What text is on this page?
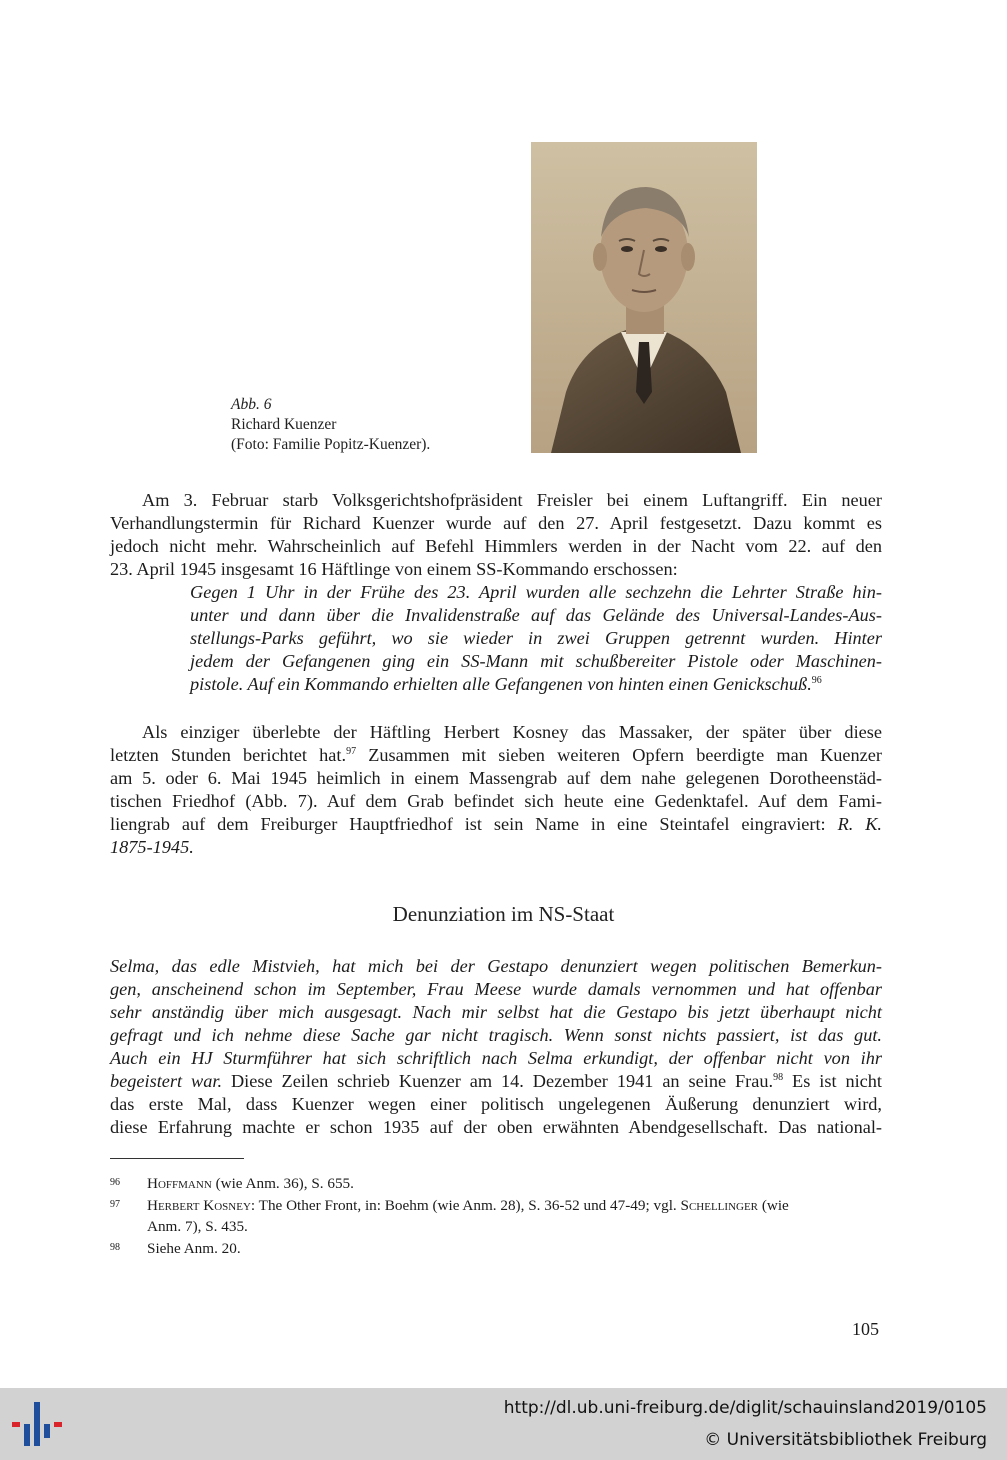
Abb. 6
Richard Kuenzer
(Foto: Familie Popitz-Kuenzer).
Am 3. Februar starb Volksgerichtshofpräsident Freisler bei einem Luftangriff. Ein neuer
Verhandlungstermin für Richard Kuenzer wurde auf den 27. April festgesetzt. Dazu kommt es
jedoch nicht mehr. Wahrscheinlich auf Befehl Himmlers werden in der Nacht vom 22. auf den
23. April 1945 insgesamt 16 Häftlinge von einem SS-Kommando erschossen:
Gegen 1 Uhr in der Frühe des 23. April wurden alle sechzehn die Lehrter Straße hin-
unter und dann über die Invalidenstraße auf das Gelände des Universal-Landes-Aus-
stellungs-Parks geführt, wo sie wieder in zwei Gruppen getrennt wurden. Hinter
jedem der Gefangenen ging ein SS-Mann mit schußbereiter Pistole oder Maschinen-
pistole. Auf ein Kommando erhielten alle Gefangenen von hinten einen Genickschuß.$^{96}$
Als einziger überlebte der Häftling Herbert Kosney das Massaker, der später über diese
letzten Stunden berichtet hat.$^{97}$ Zusammen mit sieben weiteren Opfern beerdigte man Kuenzer
am 5. oder 6. Mai 1945 heimlich in einem Massengrab auf dem nahe gelegenen Dorotheenstäd-
tischen Friedhof (Abb. 7). Auf dem Grab befindet sich heute eine Gedenktafel. Auf dem Fami-
liengrab auf dem Freiburger Hauptfriedhof ist sein Name in eine Steintafel eingraviert: R. K.
1875-1945.
Denunziation im NS-Staat
Selma, das edle Mistvieh, hat mich bei der Gestapo denunziert wegen politischen Bemerkun-
gen, anscheinend schon im September, Frau Meese wurde damals vernommen und hat offenbar
sehr anständig über mich ausgesagt. Nach mir selbst hat die Gestapo bis jetzt überhaupt nicht
gefragt und ich nehme diese Sache gar nicht tragisch. Wenn sonst nichts passiert, ist das gut.
Auch ein HJ Sturmführer hat sich schriftlich nach Selma erkundigt, der offenbar nicht von ihr
begeistert war. Diese Zeilen schrieb Kuenzer am 14. Dezember 1941 an seine Frau.$^{98}$ Es ist nicht
das erste Mal, dass Kuenzer wegen einer politisch ungelegenen Äußerung denunziert wird,
diese Erfahrung machte er schon 1935 auf der oben erwähnten Abendgesellschaft. Das national-
96 Hoffmann (wie Anm. 36), S. 655.
97 Herbert Kosney: The Other Front, in: Boehm (wie Anm. 28), S. 36-52 und 47-49; vgl. Schellinger (wie
Anm. 7), S. 435.
98 Siehe Anm. 20.
105
http://dl.ub.uni-freiburg.de/diglit/schauinsland2019/0105
© Universitätsbibliothek Freiburg
